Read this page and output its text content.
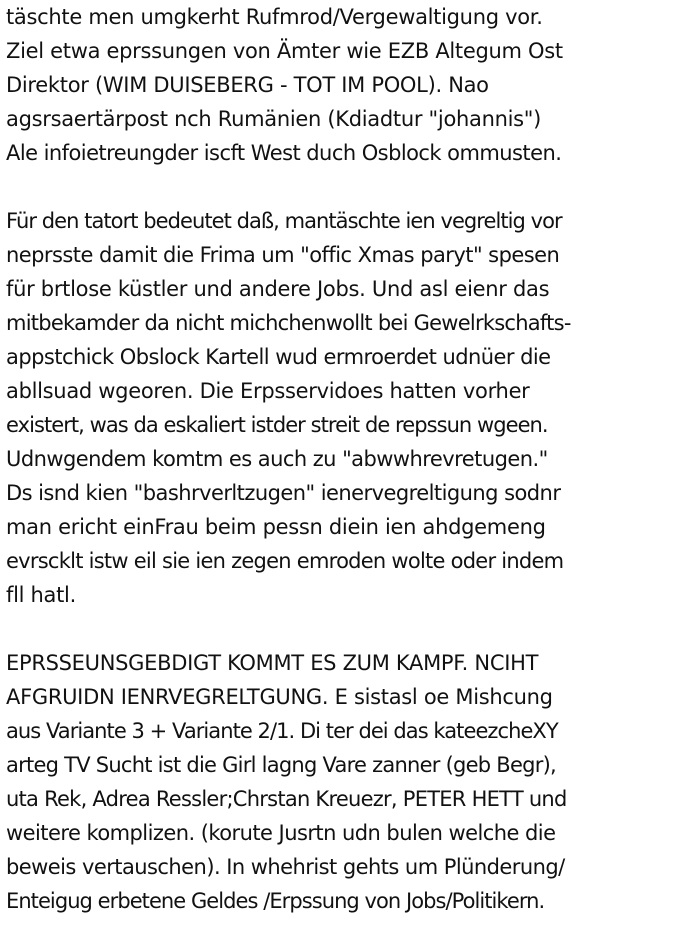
täschte men umgkerht Rufmrod/Vergewaltigung vor.
Ziel etwa eprssungen von Ämter wie EZB Altegum Ost
Direktor (WIM DUISEBERG - TOT IM POOL). Nao
agsrsaertärpost nch Rumänien (Kdiadtur "johannis")
Ale infoietreungder iscft West duch Osblock ommusten.

Für den tatort bedeutet daß, mantäschte ien vegreltig vor
neprsste damit die Frima um "offic Xmas paryt" spesen
für brtlose küstler und andere Jobs. Und asl eienr das
mitbekamder da nicht michchenwollt bei Gewelrkschafts-
appstchick Obslock Kartell wud ermroerdet udnüer die
abllsuad wgeoren. Die Erpsservidoes hatten vorher
existert, was da eskaliert istder streit de repssun wgeen.
Udnwgendem komtm es auch zu "abwwhrevretugen."
Ds isnd kien "bashrverltzugen" ienervegreltigung sodnr
man ericht einFrau beim pessn diein ien ahdgemeng
evrscklt istw eil sie ien zegen emroden wolte oder indem
fll hatl.

EPRSSEUNSGEBDIGT KOMMT ES ZUM KAMPF. NCIHT
AFGRUIDN IENRVEGRELTGUNG. E sistasl oe Mishcung
aus Variante 3 + Variante 2/1. Di ter dei das kateezcheXY
arteg TV Sucht ist die Girl lagng Vare zanner (geb Begr),
uta Rek, Adrea Ressler;Chrstan Kreuezr, PETER HETT und
weitere komplizen. (korute Jusrtn udn bulen welche die
beweis vertauschen). In whehrist gehts um Plünderung/
Enteigug erbetene Geldes /Erpssung von Jobs/Politikern.
